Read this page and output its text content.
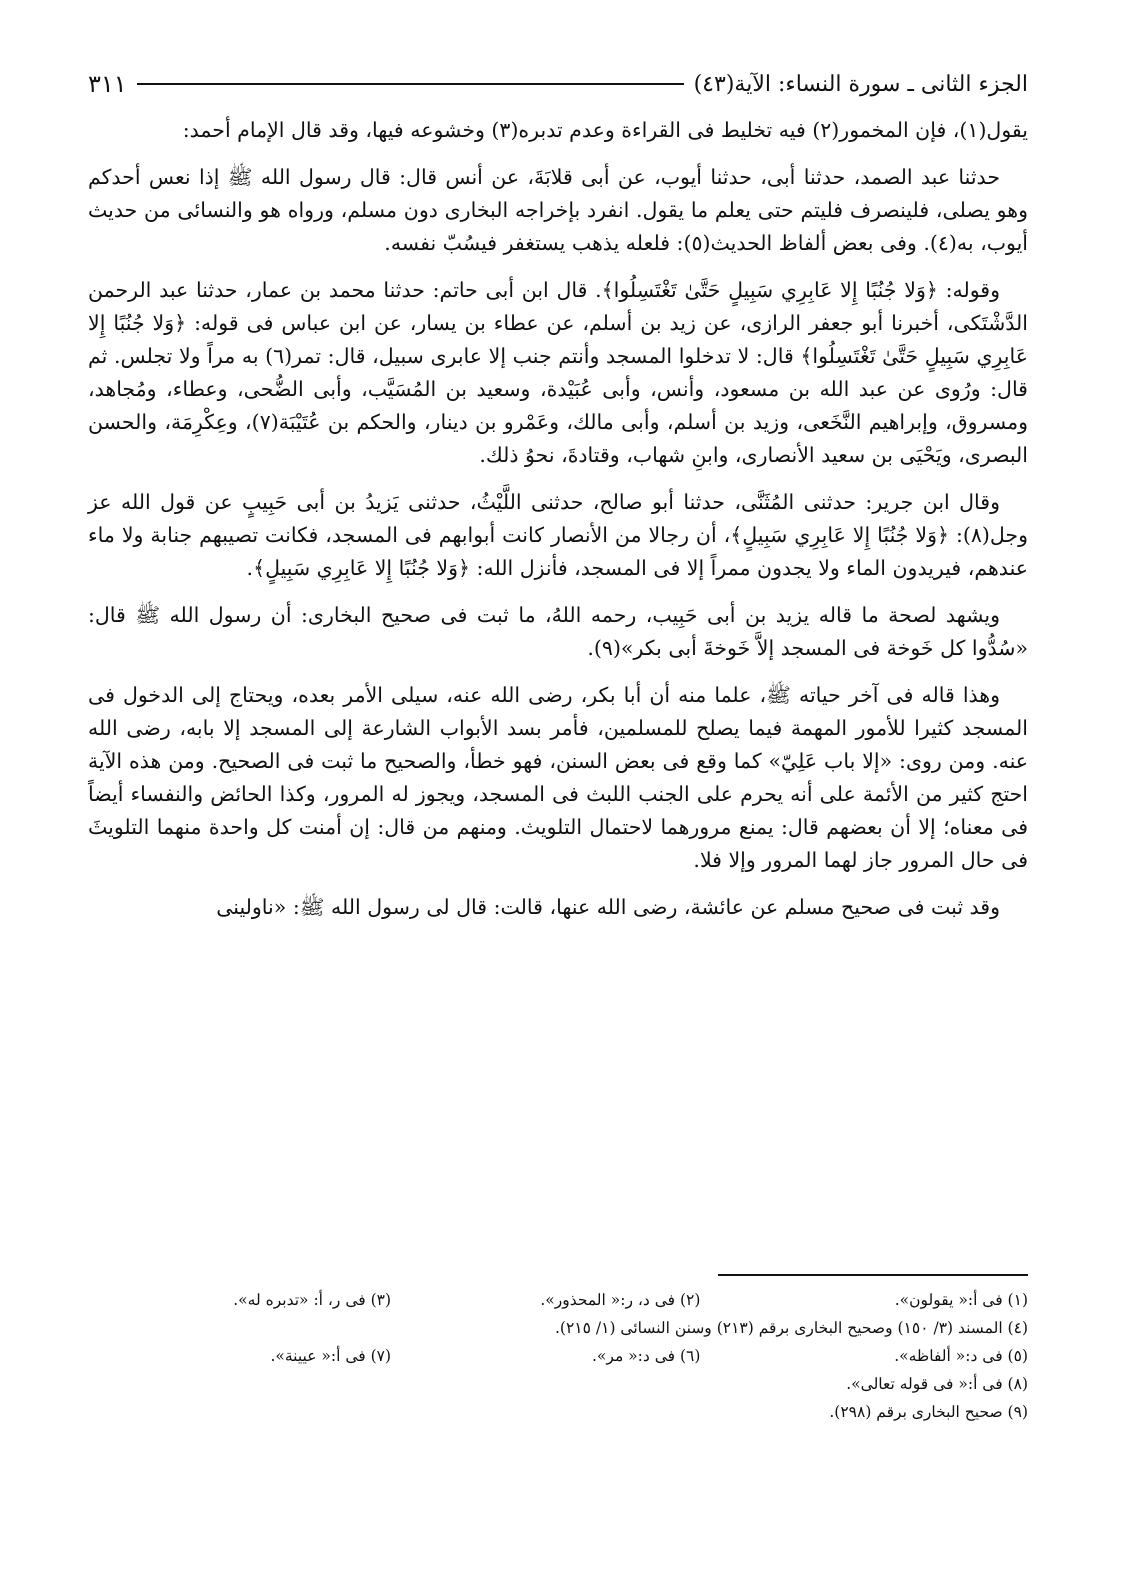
الجزء الثانی ـ سورة النساء: الآية(٤٣)
٣١١

يقول(١)، فإن المخمور(٢) فيه تخليط فى القراءة وعدم تدبره(٣) وخشوعه فيها، وقد قال الإمام أحمد:

حدثنا عبد الصمد، حدثنا أبى، حدثنا أيوب، عن أبى قلابَةَ، عن أنس قال: قال رسول الله ﷺ إذا نعس أحدكم وهو يصلى، فلينصرف فليتم حتى يعلم ما يقول. انفرد بإخراجه البخارى دون مسلم، ورواه هو والنسائى من حديث أيوب، به(٤). وفى بعض ألفاظ الحديث(٥): فلعله يذهب يستغفر فيسُبّ نفسه.

وقوله: ﴿وَلا جُنُبًا إِلا عَابِرِي سَبِيلٍ حَتَّىٰ تَغْتَسِلُوا﴾. قال ابن أبى حاتم: حدثنا محمد بن عمار، حدثنا عبد الرحمن الدَّشْتَكى، أخبرنا أبو جعفر الرازى، عن زيد بن أسلم، عن عطاء بن يسار، عن ابن عباس فى قوله: ﴿وَلا جُنُبًا إِلا عَابِرِي سَبِيلٍ حَتَّىٰ تَغْتَسِلُوا﴾ قال: لا تدخلوا المسجد وأنتم جنب إلا عابرى سبيل، قال: تمر(٦) به مراً ولا تجلس. ثم قال: ورُوى عن عبد الله بن مسعود، وأنس، وأبى عُبَيْدة، وسعيد بن المُسَيَّب، وأبى الضُّحى، وعطاء، ومُجاهد، ومسروق، وإبراهيم النَّخَعى، وزيد بن أسلم، وأبى مالك، وعَمْرو بن دينار، والحكم بن عُتَيْبَة(٧)، وعِكْرِمَة، والحسن البصرى، ويَحْيَى بن سعيد الأنصارى، وابنِ شهاب، وقتادةَ، نحوُ ذلك.

وقال ابن جرير: حدثنى المُثَنَّى، حدثنا أبو صالح، حدثنى اللَّيْثُ، حدثنى يَزيدُ بن أبى حَبِيبٍ عن قول الله عز وجل(٨): ﴿وَلا جُنُبًا إِلا عَابِرِي سَبِيلٍ﴾، أن رجالا من الأنصار كانت أبوابهم فى المسجد، فكانت تصيبهم جنابة ولا ماء عندهم، فيريدون الماء ولا يجدون ممراً إلا فى المسجد، فأنزل الله: ﴿وَلا جُنُبًا إِلا عَابِرِي سَبِيلٍ﴾.

ويشهد لصحة ما قاله يزيد بن أبى حَبِيب، رحمه اللهُ، ما ثبت فى صحيح البخارى: أن رسول الله ﷺ قال: «سُدُّوا كل خَوخة فى المسجد إلاَّ خَوخةَ أبى بكر»(٩).

وهذا قاله فى آخر حياته ﷺ، علما منه أن أبا بكر، رضى الله عنه، سيلى الأمر بعده، ويحتاج إلى الدخول فى المسجد كثيرا للأمور المهمة فيما يصلح للمسلمين، فأمر بسد الأبواب الشارعة إلى المسجد إلا بابه، رضى الله عنه. ومن روى: «إلا باب عَلِيّ» كما وقع فى بعض السنن، فهو خطأ، والصحيح ما ثبت فى الصحيح. ومن هذه الآية احتج كثير من الأئمة على أنه يحرم على الجنب اللبث فى المسجد، ويجوز له المرور، وكذا الحائض والنفساء أيضاً فى معناه؛ إلا أن بعضهم قال: يمنع مرورهما لاحتمال التلويث. ومنهم من قال: إن أمنت كل واحدة منهما التلويثَ فى حال المرور جاز لهما المرور وإلا فلا.

وقد ثبت فى صحيح مسلم عن عائشة، رضى الله عنها، قالت: قال لى رسول الله ﷺ: «ناولينى

(١) فى أ:« يقولون».
(٢) فى د، ر:« المحذور».
(٣) فى ر، أ: «تدبره له».
(٤) المسند (٣/ ١٥٠) وصحيح البخارى برقم (٢١٣) وسنن النسائى (١/ ٢١٥).
(٥) فى د:« ألفاظه».
(٦) فى د:« مر».
(٧) فى أ:« عيينة».
(٨) فى أ:« فى قوله تعالى».
(٩) صحيح البخارى برقم (٢٩٨).
